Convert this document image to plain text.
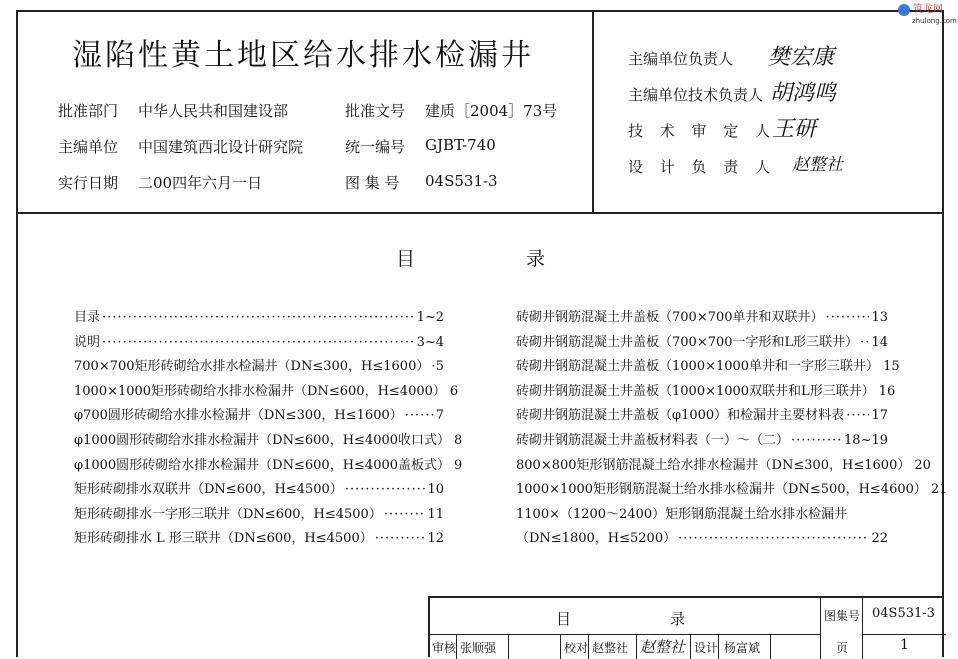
筑龙网
zhulong.com
湿陷性黄土地区给水排水检漏井
批准部门 中华人民共和国建设部	批准文号 建质［2004］73号
主编单位 中国建筑西北设计研究院	统一编号 GJBT-740
实行日期 二00四年六月一日	图 集 号 04S531-3
主编单位负责人 樊宏康
主编单位技术负责人 胡鸿鸣
技 术 审 定 人
王研
设 计 负 责 人 赵整社
目	录
目录 ·····	1~2
说明 ·····	3~4
700×700矩形砖砌给水排水检漏井（DN≤300，H≤1600） ····· 5
1000×1000矩形砖砌给水排水检漏井（DN≤600，H≤4000） 6
φ700圆形砖砌给水排水检漏井（DN≤300，H≤1600） ·····	7
φ1000圆形砖砌给水排水检漏井（DN≤600，H≤4000收口式） 8
φ1000圆形砖砌给水排水检漏井（DN≤600，H≤4000盖板式） 9
矩形砖砌排水双联井（DN≤600，H≤4500） ·····	10
矩形砖砌排水一字形三联井（DN≤600，H≤4500） ·····	11
矩形砖砌排水 L 形三联井（DN≤600，H≤4500） ·····	12
砖砌井钢筋混凝土井盖板（700×700单井和双联井） ·····	13
砖砌井钢筋混凝土井盖板（700×700一字形和L形三联井） ····· 14
砖砌井钢筋混凝土井盖板（1000×1000单井和一字形三联井） 15
砖砌井钢筋混凝土井盖板（1000×1000双联井和L形三联井） 16
砖砌井钢筋混凝土井盖板（φ1000）和检漏井主要材料表 ····· 17
砖砌井钢筋混凝土井盖板材料表（一）～（二） ·····	18~19
800×800矩形钢筋混凝土给水排水检漏井（DN≤300，H≤1600） 20
1000×1000矩形钢筋混凝土给水排水检漏井（DN≤500，H≤4600） 21
1100×（1200～2400）矩形钢筋混凝土给水排水检漏井
（DN≤1800，H≤5200） ·····	22
目	录	图集号 04S531-3
审核 张顺强	校对 赵整社 赵整社 设计 杨富斌	页	1
